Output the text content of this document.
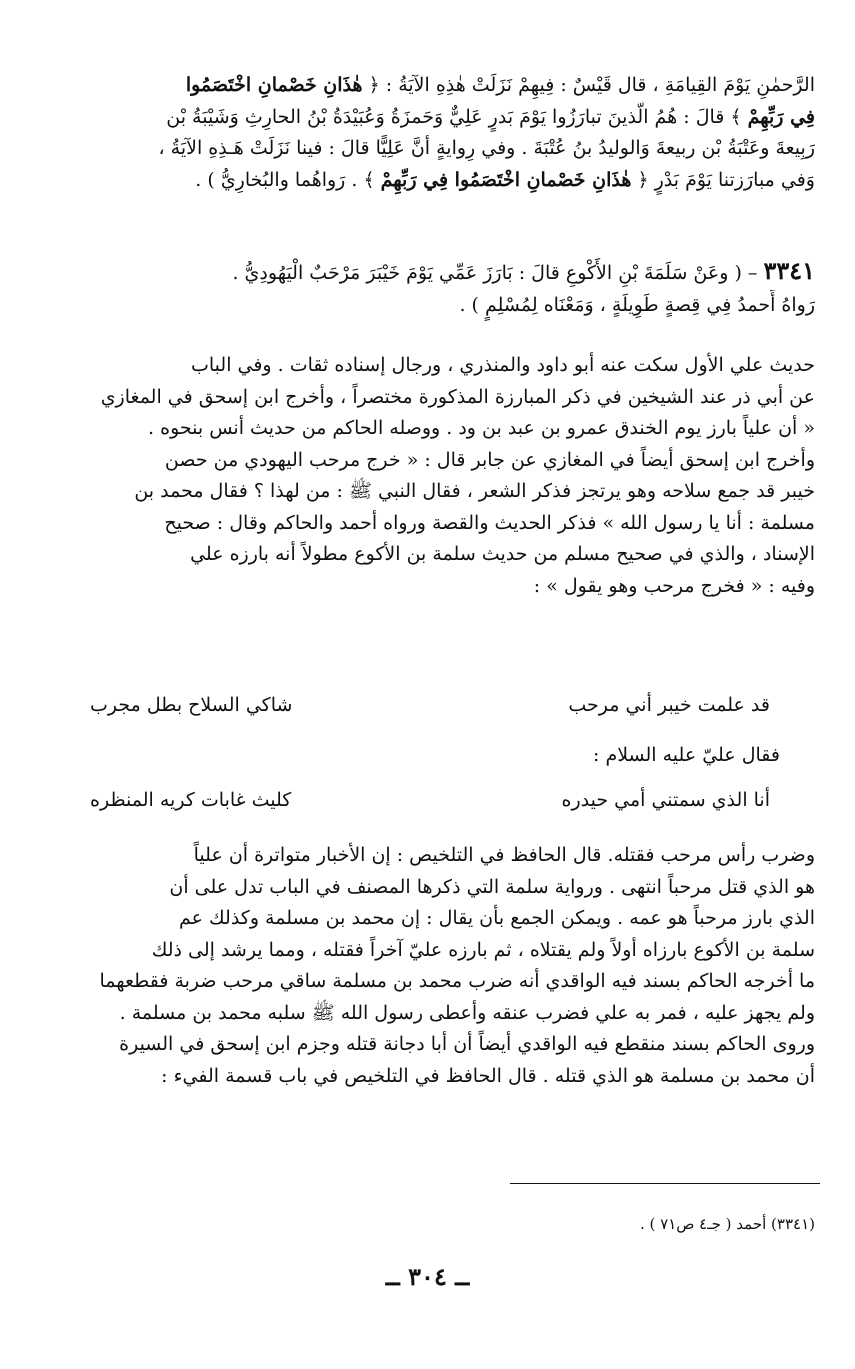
الرَّحمٰنِ يَوْمَ القِيامَةِ ، قال قَيْسٌ : فِيهِمْ نَزَلَتْ هٰذِهِ الآيَةُ : ﴿ هٰذَانِ خَصْمانِ اخْتَصَمُوا
فِي رَبِّهِمْ ﴾ قالَ : هُمُ الَّذينَ تبارَزُوا يَوْمَ بَدرٍ عَلِيٌّ وَحَمزَةُ وَعُبَيْدَةُ بْنُ الحارِثِ وَشَيْبَةُ بْن
رَبِيعةَ وعَتْبَةُ بْن ربيعةَ وَالوليدُ بنُ عُتْبَةَ . وفي رِوايةٍ أنَّ عَلِيًّا قالَ : فينا نَزَلَتْ هَـذِهِ الآيَةُ ،
وَفي مبارَزتنا يَوْمَ بَدْرٍ ﴿ هٰذَانِ خَصْمانِ اخْتَصَمُوا فِي رَبِّهِمْ ﴾ . رَواهُما والبُخارِيُّ ) .
٣٣٤١ – ( وعَنْ سَلَمَةَ بْنِ الأَكْوعِ قالَ : بَارَزَ عَمِّي يَوْمَ خَيْبَرَ مَرْحَبٌ الْيَهُودِيُّ .
رَواهُ أَحمدُ فِي قِصةٍ طَوِيلَةٍ ، وَمَعْنَاه لِمُسْلِمٍ ) .
حديث علي الأول سكت عنه أبو داود والمنذري ، ورجال إسناده ثقات . وفي الباب
عن أبي ذر عند الشيخين في ذكر المبارزة المذكورة مختصراً ، وأخرج ابن إسحق في المغازي
« أن علياً بارز يوم الخندق عمرو بن عبد بن ود . ووصله الحاكم من حديث أنس بنحوه .
وأخرج ابن إسحق أيضاً في المغازي عن جابر قال : « خرج مرحب اليهودي من حصن
خيبر قد جمع سلاحه وهو يرتجز فذكر الشعر ، فقال النبي ﷺ : من لهذا ؟ فقال محمد بن
مسلمة : أنا يا رسول الله » فذكر الحديث والقصة ورواه أحمد والحاكم وقال : صحيح
الإسناد ، والذي في صحيح مسلم من حديث سلمة بن الأكوع مطولاً أنه بارزه علي
وفيه : « فخرج مرحب وهو يقول » :
قد علمت خيبر أني مرحب
شاكي السلاح بطل مجرب
فقال عليّ عليه السلام :
أنا الذي سمتني أمي حيدره
كليث غابات كريه المنظره
وضرب رأس مرحب فقتله. قال الحافظ في التلخيص : إن الأخبار متواترة أن علياً
هو الذي قتل مرحباً انتهى . ورواية سلمة التي ذكرها المصنف في الباب تدل على أن
الذي بارز مرحباً هو عمه . ويمكن الجمع بأن يقال : إن محمد بن مسلمة وكذلك عم
سلمة بن الأكوع بارزاه أولاً ولم يقتلاه ، ثم بارزه عليّ آخراً فقتله ، ومما يرشد إلى ذلك
ما أخرجه الحاكم بسند فيه الواقدي أنه ضرب محمد بن مسلمة ساقي مرحب ضربة فقطعهما
ولم يجهز عليه ، فمر به علي فضرب عنقه وأعطى رسول الله ﷺ سلبه محمد بن مسلمة .
وروى الحاكم بسند منقطع فيه الواقدي أيضاً أن أبا دجانة قتله وجزم ابن إسحق في السيرة
أن محمد بن مسلمة هو الذي قتله . قال الحافظ في التلخيص في باب قسمة الفيء :
(٣٣٤١) أحمد ( جـ٤ ص٧١ ) .
ــ ٣٠٤ ــ
